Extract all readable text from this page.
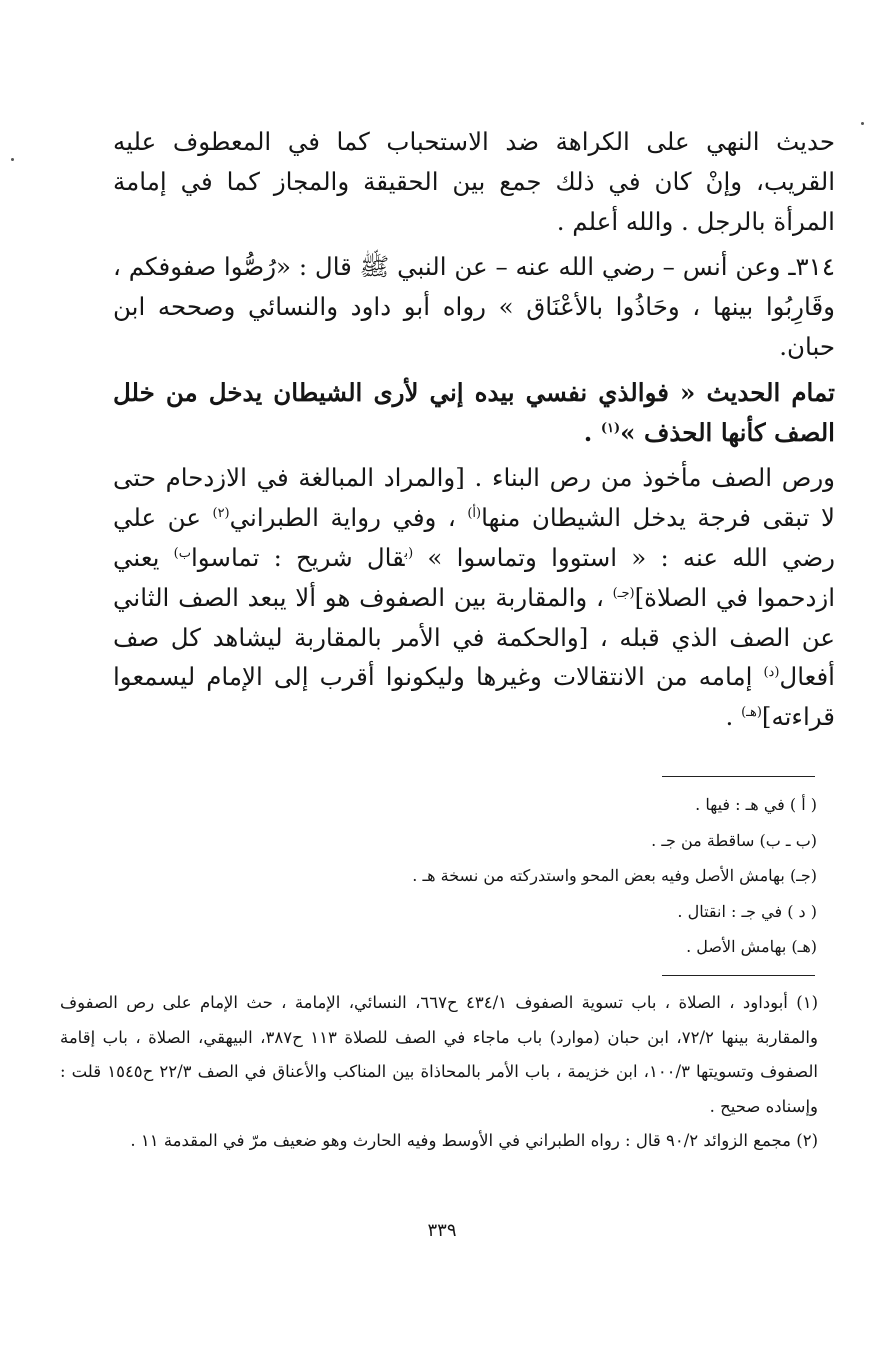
حديث النهي على الكراهة ضد الاستحباب كما في المعطوف عليه القريب، وإنْ كان في ذلك جمع بين الحقيقة والمجاز كما في إمامة المرأة بالرجل . والله أعلم .

٣١٤ـ وعن أنس – رضي الله عنه – عن النبي ﷺ قال : «رُصُّوا صفوفكم ، وقَارِبُوا بينها ، وحَاذُوا بالأعْنَاق » رواه أبو داود والنسائي وصححه ابن حبان.

تمام الحديث « فوالذي نفسي بيده إني لأرى الشيطان يدخل من خلل الصف كأنها الحذف »$^{(١)}$ .

ورص الصف مأخوذ من رص البناء . [والمراد المبالغة في الازدحام حتى لا تبقى فرجة يدخل الشيطان منها$^{(أ)}$ ، وفي رواية الطبراني$^{(٢)}$ عن علي رضي الله عنه : « استووا وتماسوا » $^{(ب}$قال شريح : تماسوا$^{ب)}$ يعني ازدحموا في الصلاة]$^{(جـ)}$ ، والمقاربة بين الصفوف هو ألا يبعد الصف الثاني عن الصف الذي قبله ، [والحكمة في الأمر بالمقاربة ليشاهد كل صف أفعال$^{(د)}$ إمامه من الانتقالات وغيرها وليكونوا أقرب إلى الإمام ليسمعوا قراءته]$^{(هـ)}$ .

( أ ) في هـ : فيها .
(ب ـ ب) ساقطة من جـ .
(جـ) بهامش الأصل وفيه بعض المحو واستدركته من نسخة هـ .
( د ) في جـ : انقتال .
(هـ) بهامش الأصل .

(١) أبوداود ، الصلاة ، باب تسوية الصفوف ٤٣٤/١ ح٦٦٧، النسائي، الإمامة ، حث الإمام على رص الصفوف والمقاربة بينها ٧٢/٢، ابن حبان (موارد) باب ماجاء في الصف للصلاة ١١٣ ح٣٨٧، البيهقي، الصلاة ، باب إقامة الصفوف وتسويتها ١٠٠/٣، ابن خزيمة ، باب الأمر بالمحاذاة بين المناكب والأعناق في الصف ٢٢/٣ ح١٥٤٥ قلت : وإسناده صحيح .

(٢) مجمع الزوائد ٩٠/٢ قال : رواه الطبراني في الأوسط وفيه الحارث وهو ضعيف مرّ في المقدمة ١١ .

٣٣٩
